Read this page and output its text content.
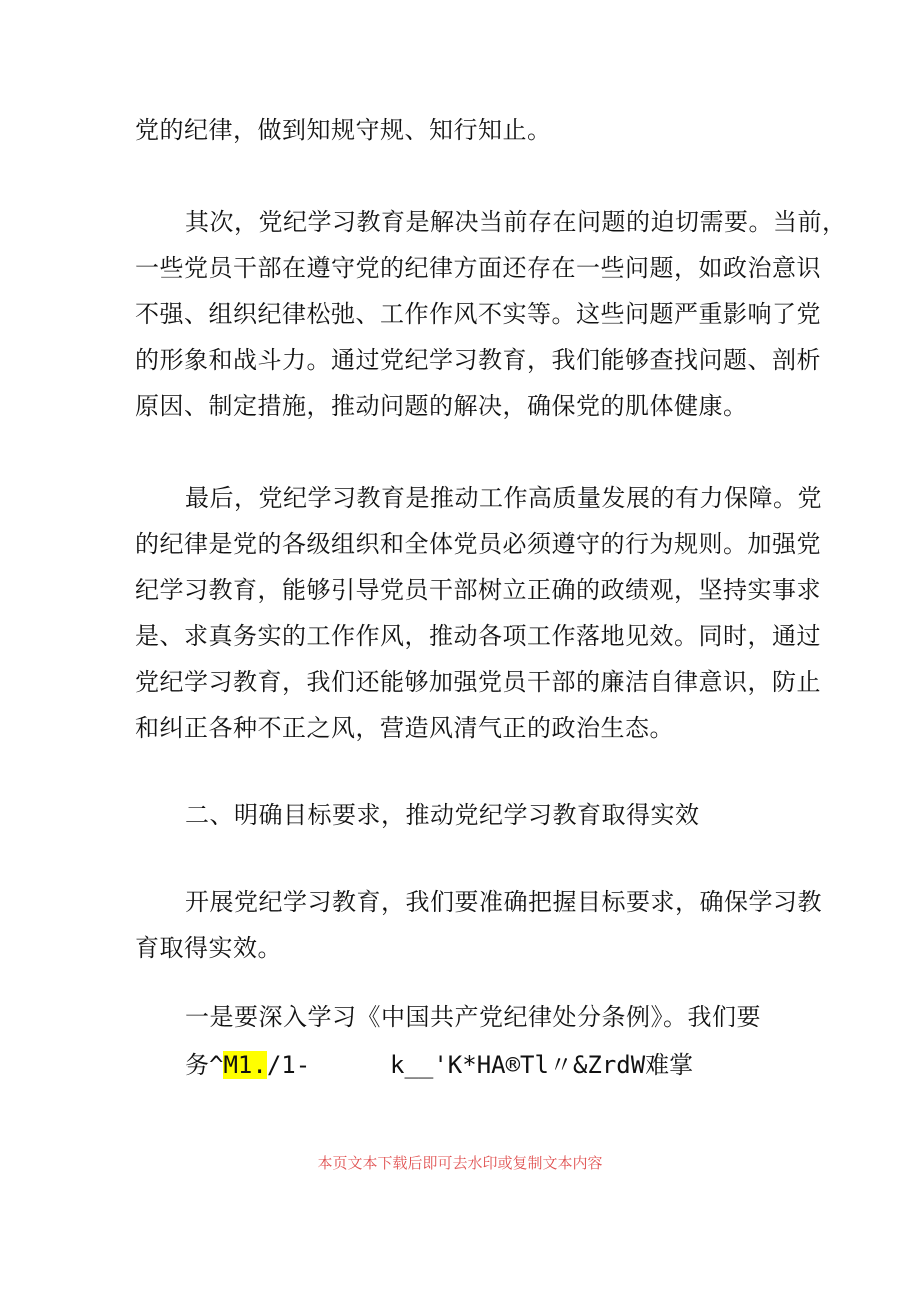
党的纪律，做到知规守规、知行知止。
其次，党纪学习教育是解决当前存在问题的迫切需要。当前，
一些党员干部在遵守党的纪律方面还存在一些问题，如政治意识
不强、组织纪律松弛、工作作风不实等。这些问题严重影响了党
的形象和战斗力。通过党纪学习教育，我们能够查找问题、剖析
原因、制定措施，推动问题的解决，确保党的肌体健康。
最后，党纪学习教育是推动工作高质量发展的有力保障。党
的纪律是党的各级组织和全体党员必须遵守的行为规则。加强党
纪学习教育，能够引导党员干部树立正确的政绩观，坚持实事求
是、求真务实的工作作风，推动各项工作落地见效。同时，通过
党纪学习教育，我们还能够加强党员干部的廉洁自律意识，防止
和纠正各种不正之风，营造风清气正的政治生态。
二、明确目标要求，推动党纪学习教育取得实效
开展党纪学习教育，我们要准确把握目标要求，确保学习教
育取得实效。
一是要深入学习《中国共产党纪律处分条例》。我们要
务^M1./1-	k__'K*HA®Tl〃&ZrdW难掌
本页文本下载后即可去水印或复制文本内容
